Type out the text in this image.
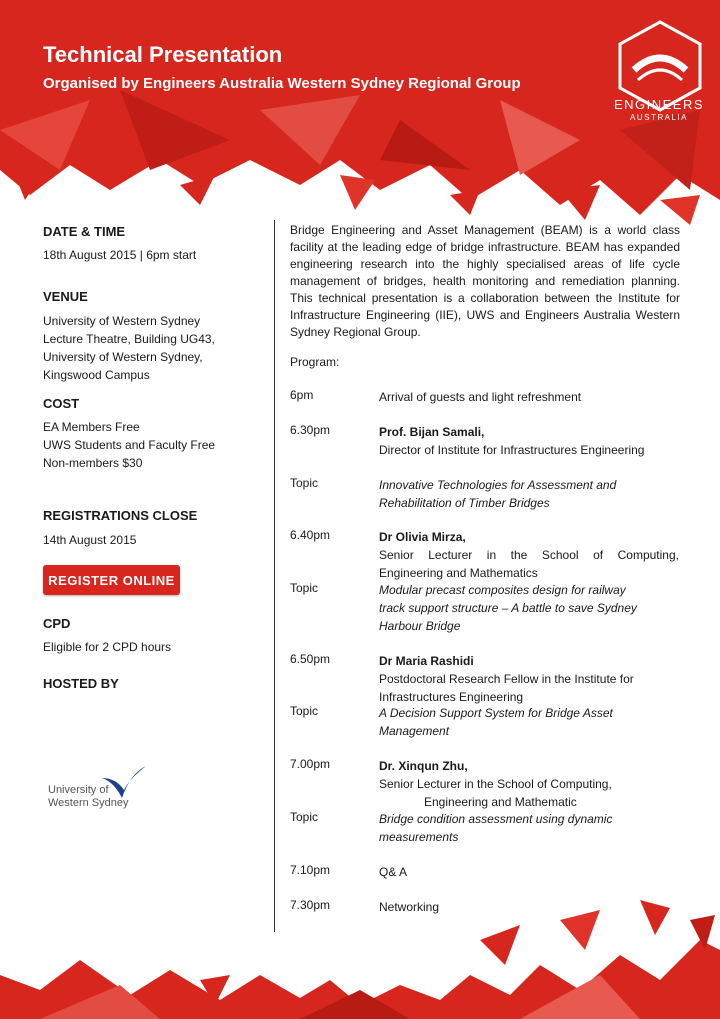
Technical Presentation

Organised by Engineers Australia Western Sydney Regional Group

ENGINEERS
AUSTRALIA
DATE & TIME
18th August 2015 | 6pm start
VENUE
University of Western Sydney
Lecture Theatre, Building UG43,
University of Western Sydney,
Kingswood Campus
COST
EA Members Free
UWS Students and Faculty Free
Non-members $30
REGISTRATIONS CLOSE
14th August 2015
REGISTER ONLINE
CPD
Eligible for 2 CPD hours
HOSTED BY
University of
Western Sydney

Bridge Engineering and Asset Management (BEAM) is a world class facility at the leading edge of bridge infrastructure. BEAM has expanded engineering research into the highly specialised areas of life cycle management of bridges, health monitoring and remediation planning. This technical presentation is a collaboration between the Institute for Infrastructure Engineering (IIE), UWS and Engineers Australia Western Sydney Regional Group.

Program:
6pm	Arrival of guests and light refreshment
6.30pm	Prof. Bijan Samali,
Director of Institute for Infrastructures Engineering
Topic	Innovative Technologies for Assessment and Rehabilitation of Timber Bridges
6.40pm	Dr Olivia Mirza,
Senior Lecturer in the School of Computing, Engineering and Mathematics
Topic	Modular precast composites design for railway track support structure – A battle to save Sydney Harbour Bridge
6.50pm	Dr Maria Rashidi
Postdoctoral Research Fellow in the Institute for Infrastructures Engineering
Topic	A Decision Support System for Bridge Asset Management
7.00pm	Dr. Xinqun Zhu,
Senior Lecturer in the School of Computing,
Engineering and Mathematic
Topic	Bridge condition assessment using dynamic measurements
7.10pm	Q& A
7.30pm	Networking
